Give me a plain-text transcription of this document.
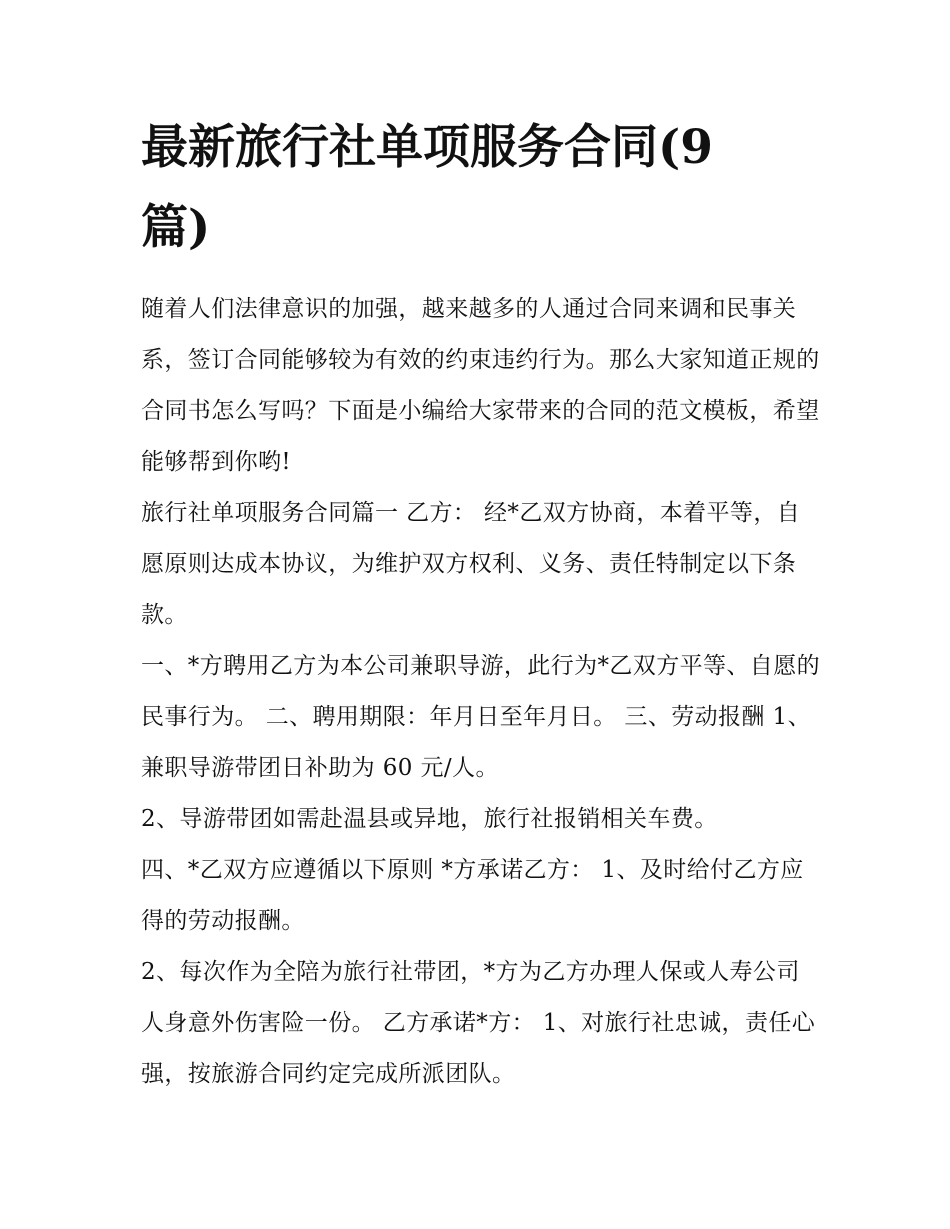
最新旅行社单项服务合同(9篇)

随着人们法律意识的加强，越来越多的人通过合同来调和民事关系，签订合同能够较为有效的约束违约行为。那么大家知道正规的合同书怎么写吗？下面是小编给大家带来的合同的范文模板，希望能够帮到你哟!

旅行社单项服务合同篇一 乙方： 经*乙双方协商，本着平等，自愿原则达成本协议，为维护双方权利、义务、责任特制定以下条款。

一、*方聘用乙方为本公司兼职导游，此行为*乙双方平等、自愿的民事行为。 二、聘用期限：年月日至年月日。 三、劳动报酬 1、兼职导游带团日补助为 60 元/人。

2、导游带团如需赴温县或异地，旅行社报销相关车费。

四、*乙双方应遵循以下原则 *方承诺乙方： 1、及时给付乙方应得的劳动报酬。

2、每次作为全陪为旅行社带团，*方为乙方办理人保或人寿公司人身意外伤害险一份。 乙方承诺*方： 1、对旅行社忠诚，责任心强，按旅游合同约定完成所派团队。
